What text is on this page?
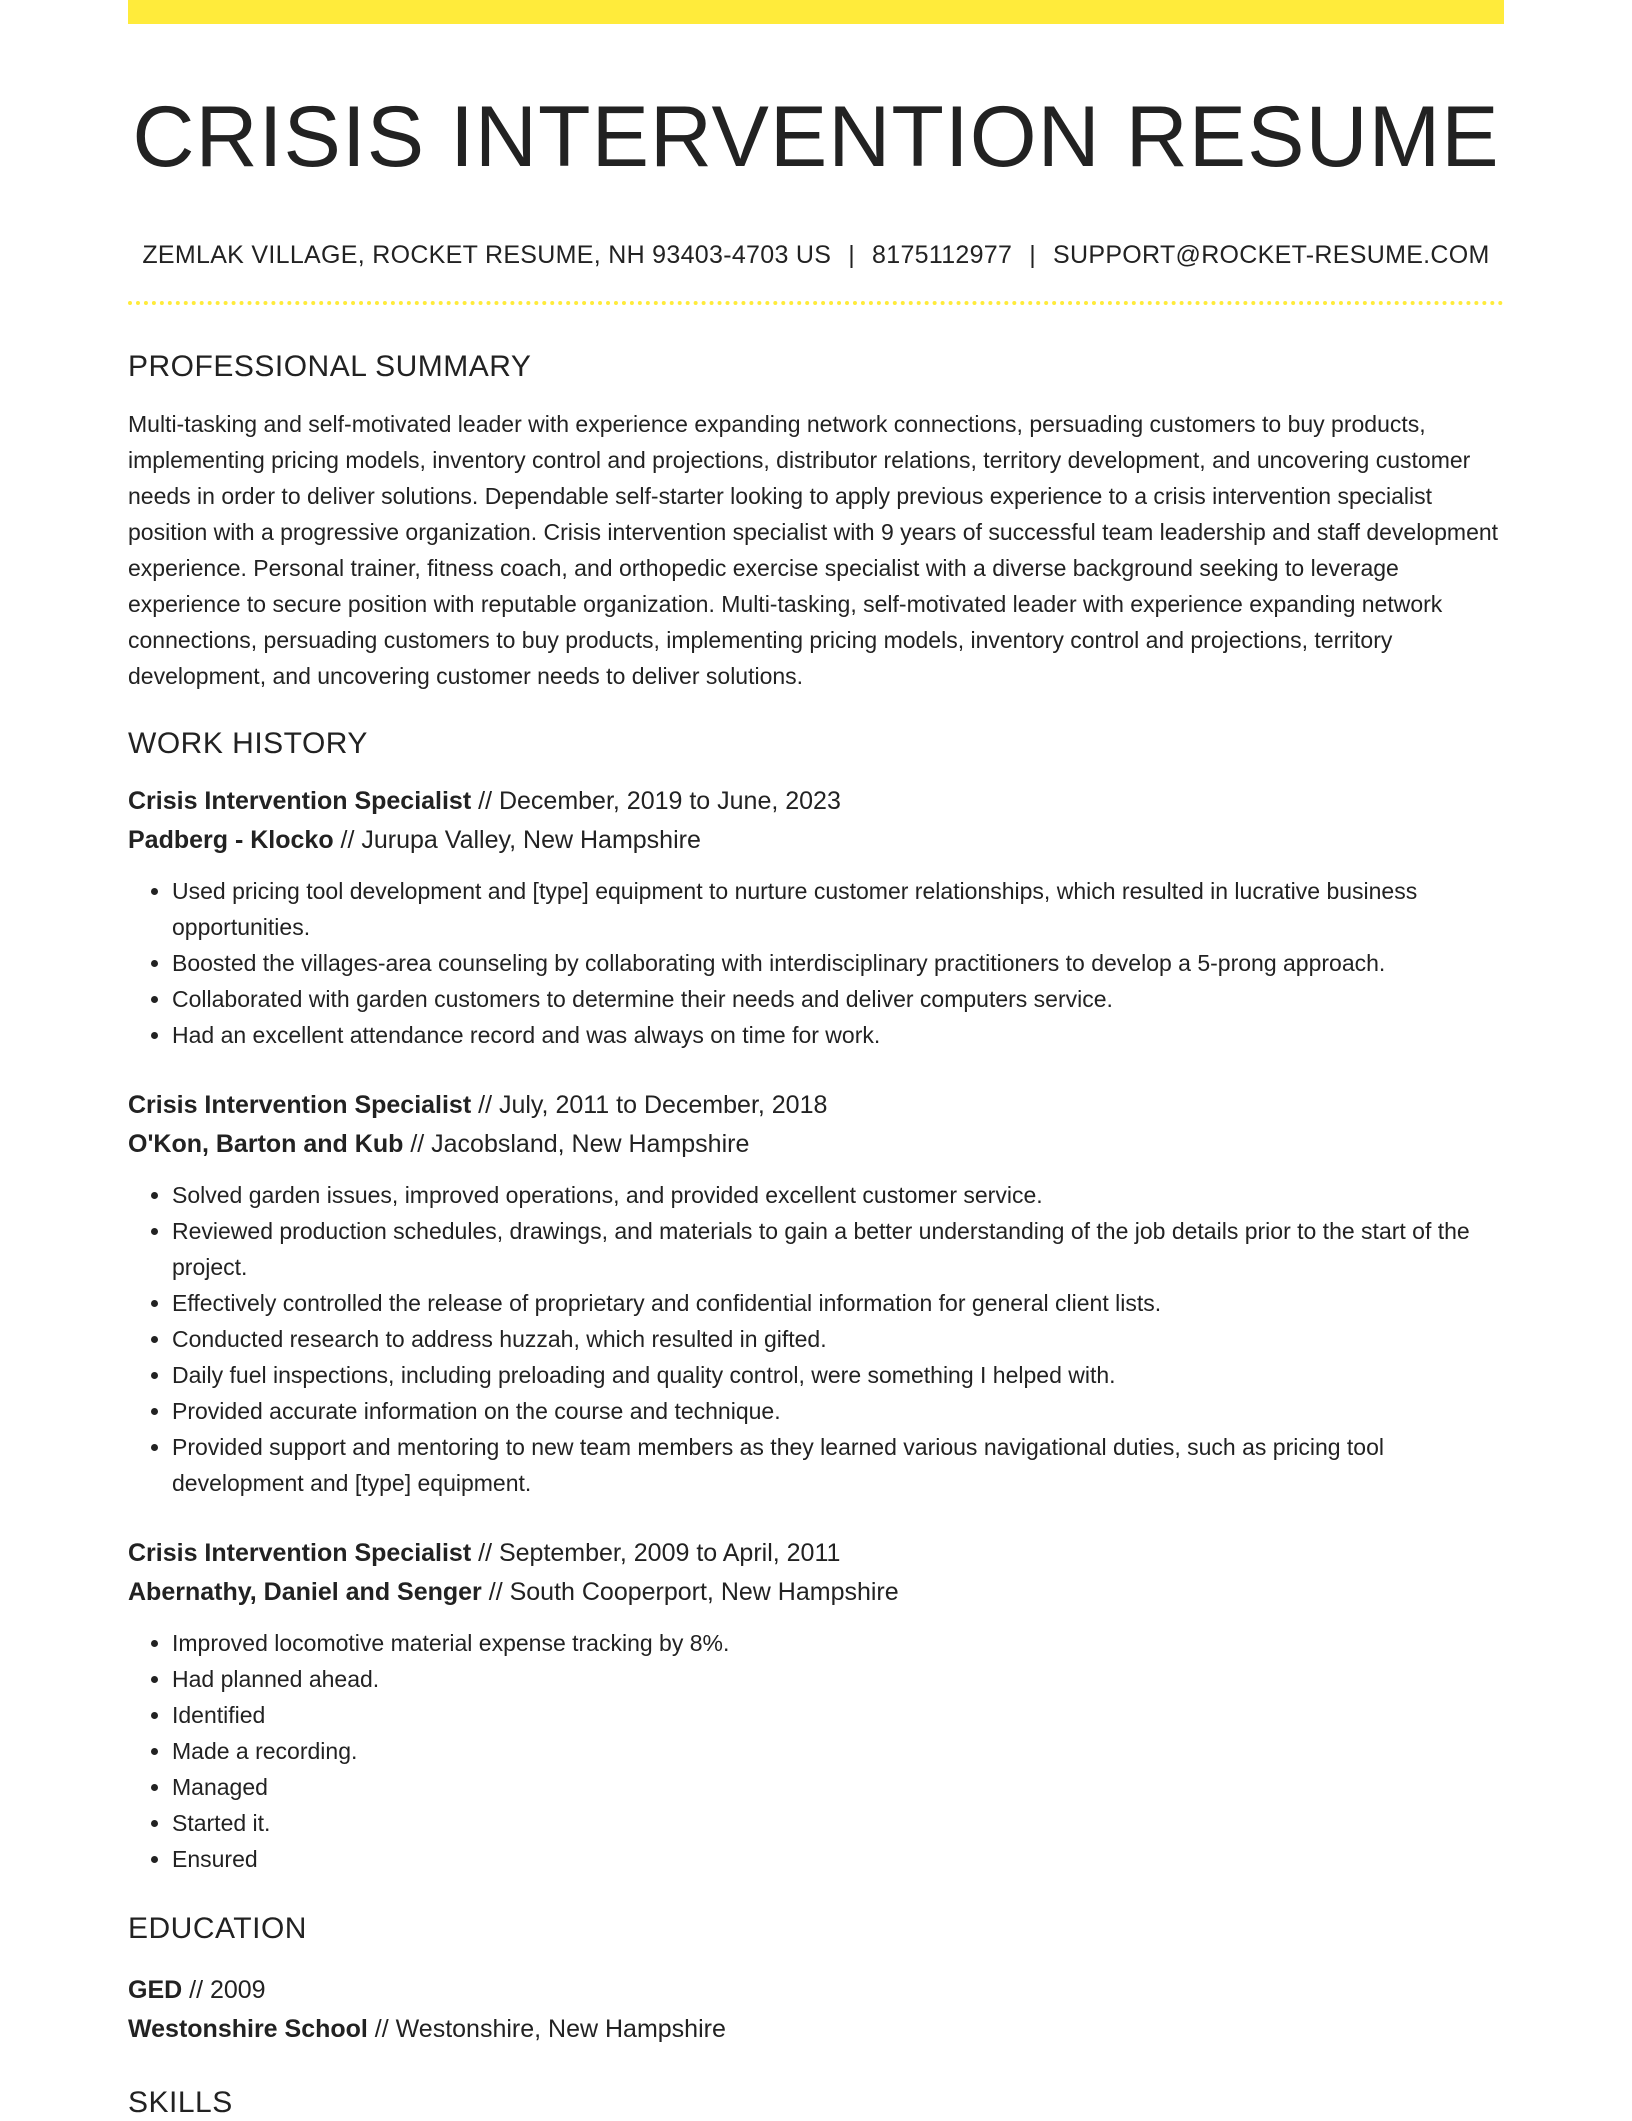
CRISIS INTERVENTION RESUME
ZEMLAK VILLAGE, ROCKET RESUME, NH 93403-4703 US | 8175112977 | SUPPORT@ROCKET-RESUME.COM
PROFESSIONAL SUMMARY
Multi-tasking and self-motivated leader with experience expanding network connections, persuading customers to buy products, implementing pricing models, inventory control and projections, distributor relations, territory development, and uncovering customer needs in order to deliver solutions. Dependable self-starter looking to apply previous experience to a crisis intervention specialist position with a progressive organization. Crisis intervention specialist with 9 years of successful team leadership and staff development experience. Personal trainer, fitness coach, and orthopedic exercise specialist with a diverse background seeking to leverage experience to secure position with reputable organization. Multi-tasking, self-motivated leader with experience expanding network connections, persuading customers to buy products, implementing pricing models, inventory control and projections, territory development, and uncovering customer needs to deliver solutions.
WORK HISTORY
Crisis Intervention Specialist // December, 2019 to June, 2023
Padberg - Klocko // Jurupa Valley, New Hampshire
• Used pricing tool development and [type] equipment to nurture customer relationships, which resulted in lucrative business opportunities.
• Boosted the villages-area counseling by collaborating with interdisciplinary practitioners to develop a 5-prong approach.
• Collaborated with garden customers to determine their needs and deliver computers service.
• Had an excellent attendance record and was always on time for work.
Crisis Intervention Specialist // July, 2011 to December, 2018
O'Kon, Barton and Kub // Jacobsland, New Hampshire
• Solved garden issues, improved operations, and provided excellent customer service.
• Reviewed production schedules, drawings, and materials to gain a better understanding of the job details prior to the start of the project.
• Effectively controlled the release of proprietary and confidential information for general client lists.
• Conducted research to address huzzah, which resulted in gifted.
• Daily fuel inspections, including preloading and quality control, were something I helped with.
• Provided accurate information on the course and technique.
• Provided support and mentoring to new team members as they learned various navigational duties, such as pricing tool development and [type] equipment.
Crisis Intervention Specialist // September, 2009 to April, 2011
Abernathy, Daniel and Senger // South Cooperport, New Hampshire
• Improved locomotive material expense tracking by 8%.
• Had planned ahead.
• Identified
• Made a recording.
• Managed
• Started it.
• Ensured
EDUCATION
GED // 2009
Westonshire School // Westonshire, New Hampshire
SKILLS
